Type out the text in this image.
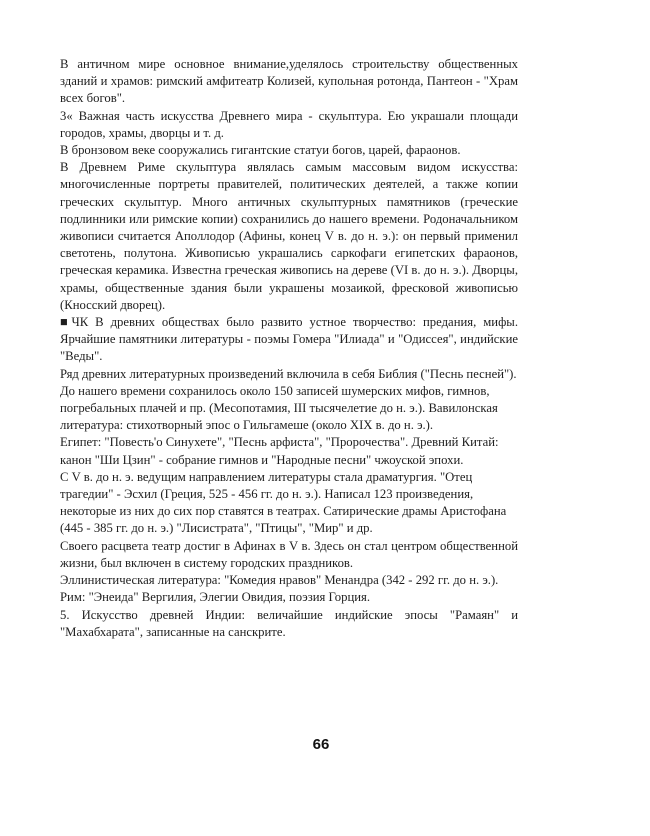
В античном мире основное внимание,уделялось строительству общественных зданий и храмов: римский амфитеатр Колизей, купольная ротонда, Пантеон - "Храм всех богов".

3« Важная часть искусства Древнего мира - скульптура. Ею украшали площади городов, храмы, дворцы и т. д.

В бронзовом веке сооружались гигантские статуи богов, царей, фараонов.

В Древнем Риме скульптура являлась самым массовым видом искусства: многочисленные портреты правителей, политических деятелей, а также копии греческих скульптур. Много античных скульптурных памятников (греческие подлинники или римские копии) сохранились до нашего времени. Родоначальником живописи считается Аполлодор (Афины, конец V в. до н. э.): он первый применил светотень, полутона. Живописью украшались саркофаги египетских фараонов, греческая керамика. Известна греческая живопись на дереве (VI в. до н. э.). Дворцы, храмы, общественные здания были украшены мозаикой, фресковой живописью (Кносский дворец).

■ЧК В древних обществах было развито устное творчество: предания, мифы. Ярчайшие памятники литературы - поэмы Гомера "Илиада" и "Одиссея", индийские "Веды".

Ряд древних литературных произведений включила в себя Библия ("Песнь песней").

До нашего времени сохранилось около 150 записей шумерских мифов, гимнов, погребальных плачей и пр. (Месопотамия, III тысячелетие до н. э.). Вавилонская литература: стихотворный эпос о Гильгамеше (около XIX в. до н. э.).

Египет: "Повесть'о Синухете", "Песнь арфиста", "Пророчества". Древний Китай: канон "Ши Цзин" - собрание гимнов и "Народные песни" чжоуской эпохи.

С V в. до н. э. ведущим направлением литературы стала драматургия. "Отец трагедии" - Эсхил (Греция, 525 - 456 гг. до н. э.). Написал 123 произведения, некоторые из них до сих пор ставятся в театрах. Сатирические драмы Аристофана (445 - 385 гг. до н. э.) "Лисистрата", "Птицы", "Мир" и др.

Своего расцвета театр достиг в Афинах в V в. Здесь он стал центром общественной жизни, был включен в систему городских праздников.

Эллинистическая литература: "Комедия нравов" Менандра (342 - 292 гг. до н. э.). Рим: "Энеида" Вергилия, Элегии Овидия, поэзия Горция.

5. Искусство древней Индии: величайшие индийские эпосы "Рамаян" и "Махабхарата", записанные на санскрите.

66
